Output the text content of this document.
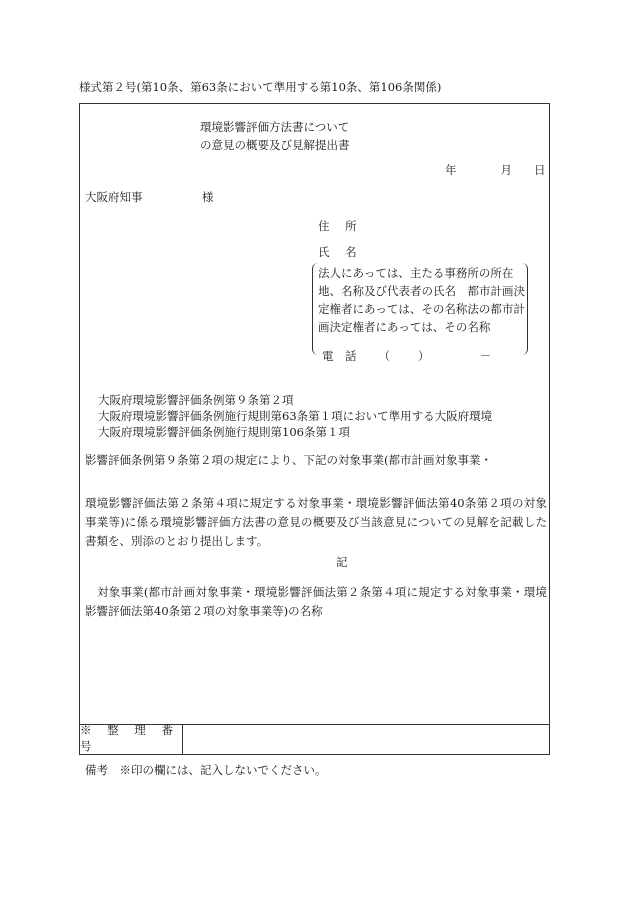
様式第２号(第10条、第63条において準用する第10条、第106条関係)
※ 整 理 番 号
環境影響評価方法書について
の意見の概要及び見解提出書
年	月 日
大阪府知事	様
住 所
氏 名
法人にあっては、主たる事務所の所在地、名称及び代表者の氏名　都市計画決定権者にあっては、その名称法の都市計画決定権者にあっては、その名称
電　話 （ ）	－
大阪府環境影響評価条例第９条第２項
大阪府環境影響評価条例施行規則第63条第１項において準用する大阪府環境
大阪府環境影響評価条例施行規則第106条第１項
影響評価条例第９条第２項の規定により、下記の対象事業(都市計画対象事業・
環境影響評価法第２条第４項に規定する対象事業・環境影響評価法第40条第２項の対象事業等)に係る環境影響評価方法書の意見の概要及び当該意見についての見解を記載した書類を、別添のとおり提出します。
記
対象事業(都市計画対象事業・環境影響評価法第２条第４項に規定する対象事業・環境影響評価法第40条第２項の対象事業等)の名称
備考　※印の欄には、記入しないでください。
